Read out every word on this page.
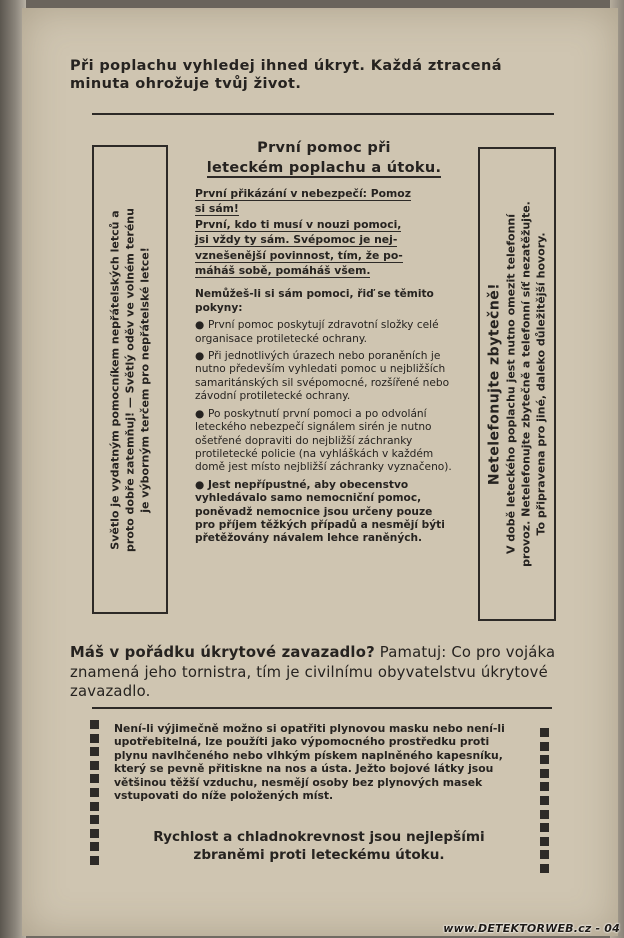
Při poplachu vyhledej ihned úkryt. Každá ztracená
minuta ohrožuje tvůj život.
Světlo je vydatným pomocníkem nepřátelských letců a proto dobře zatemňuj! — Světlý oděv ve volném terénu je výborným terčem pro nepřátelské letce!	Netelefonujte zbytečně! V době leteckého poplachu jest nutno omezit telefonní provoz. Netelefonujte zbytečně a telefonní síť nezatěžujte. To připravena pro jiné, daleko důležitější hovory.
První pomoc při
leteckém poplachu a útoku.
První přikázání v nebezpečí: Pomoz
si sám!
První, kdo ti musí v nouzi pomoci,
jsi vždy ty sám. Svépomoc je nej-
vznešenější povinnost, tím, že po-
máháš sobě, pomáháš všem.

Nemůžeš-li si sám pomoci, řiď se těmito pokyny:

● První pomoc poskytují zdravotní složky celé organisace protiletecké ochrany.

● Při jednotlivých úrazech nebo poraněních je nutno především vyhledati pomoc u nejbližších samaritánských sil svépomocné, rozšířené nebo závodní protiletecké ochrany.

● Po poskytnutí první pomoci a po odvolání leteckého nebezpečí signálem sirén je nutno ošetřené dopraviti do nejbližší záchranky protiletecké policie (na vyhláškách v každém domě jest místo nejbližší záchranky vyznačeno).

● Jest nepřípustné, aby obecenstvo vyhledávalo samo nemocniční pomoc, poněvadž nemocnice jsou určeny pouze pro příjem těžkých případů a nesmějí býti přetěžovány návalem lehce raněných.

Máš v pořádku úkrytové zavazadlo? Pamatuj: Co pro vojáka znamená jeho tornistra, tím je civilnímu obyvatelstvu úkrytové zavazadlo.
Není-li výjimečně možno si opatřiti plynovou masku nebo není-li upotřebitelná, lze použíti jako výpomocného prostředku proti plynu navlhčeného nebo vlhkým pískem naplněného kapesníku, který se pevně přitiskne na nos a ústa. Ježto bojové látky jsou většinou těžší vzduchu, nesmějí osoby bez plynových masek vstupovati do níže položených míst.
Rychlost a chladnokrevnost jsou nejlepšími
zbraněmi proti leteckému útoku.
www.DETEKTORWEB.cz - 04
